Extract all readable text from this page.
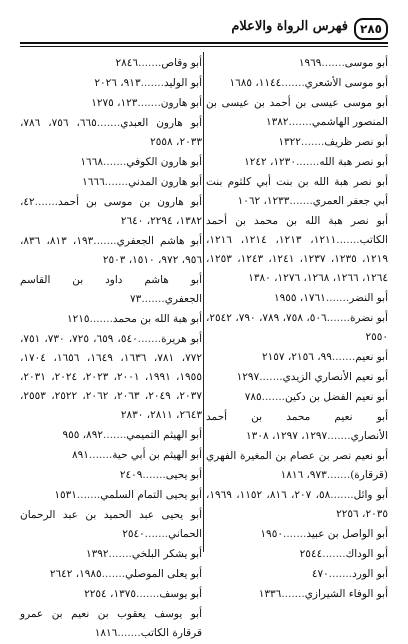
٢٨٥
فهرس الرواة والاعلام
أبو موسى.......١٩٦٩
أبو موسى الأشعري.......١١٤٤، ١٦٨٥
أبو موسى عيسى بن أحمد بن عيسى بن المنصور الهاشمي.......١٣٨٢
أبو نصر ظريف.......١٣٢٢
أبو نصر هبة الله.......١٢٣٠، ١٢٤٢
أبو نصر هبة الله بن بنت أبي كلثوم بنت أبي جعفر العمري.......١٢٣٣، ١٠٦٢
أبو نصر هبة الله بن محمد بن أحمد الكاتب.......١٢١١، ١٢١٣، ١٢١٤، ١٢١٦، ١٢١٩، ١٢٣٥، ١٢٣٧، ١٢٤١، ١٢٤٣، ١٢٥٣، ١٢٦٤، ١٢٦٦، ١٢٦٨، ١٢٧٦، ١٣٨٠
أبو النضر.......١٧٦١، ١٩٥٥
أبو نضرة.......٥٠٦، ٧٥٨، ٧٨٩، ٧٩٠، ٢٥٤٢، ٢٥٥٠
أبو نعيم.......٩٩، ٢١٥٦، ٢١٥٧
أبو نعيم الأنصاري الزيدي.......١٢٩٧
أبو نعيم الفضل بن دكين.......٧٨٥
أبو نعيم محمد بن أحمد الأنصاري.......١٢٩٧، ١٢٩٧، ١٣٠٨
أبو نعيم نصر بن عصام بن المغيرة الفهري (قرقارة).......٩٧٣، ١٨١٦
أبو وائل.......٥٨، ٢٠٧، ٨١٦، ١١٥٢، ١٩٦٩، ٢٠٣٥، ٢٢٥٦
أبو الواصل بن عبيد.......١٩٥٠
أبو الوداك.......٢٥٤٤
أبو الورد.......٤٧٠
أبو الوفاء الشيرازي.......١٣٣٦
أبو وقاص.......٢٨٤٦
أبو الوليد.......٩١٣، ٢٠٢٦
أبو هارون.......١٢٣، ١٢٧٥
أبو هارون العبدي.......٦٦٥، ٧٥٦، ٧٨٦، ٢٠٣٣، ٢٥٥٨
أبو هارون الكوفي.......١٦٦٨
أبو هارون المدني.......١٦٦٦
أبو هارون بن موسى بن أحمد.......٤٢، ١٣٨٢، ٢٢٩٤، ٢٦٤٠
أبو هاشم الجعفري.......١٩٣، ٨١٣، ٨٣٦، ٩٥٦، ٩٧٢، ١٥١٠، ٢٥٠٣
أبو هاشم داود بن القاسم الجعفري.......٧٣
أبو هبة الله بن محمد.......١٢١٥
أبو هريرة.......٥٤٠، ٦٥٩، ٧٢٥، ٧٣٠، ٧٥١، ٧٧٢، ٧٨١، ١٦٣٦، ١٦٤٩، ١٦٥٦، ١٧٠٤، ١٩٥٥، ١٩٩١، ٢٠٠١، ٢٠٢٣، ٢٠٢٤، ٢٠٣١، ٢٠٣٧، ٢٠٤٩، ٢٠٦٣، ٢٠٦٢، ٢٥٢٢، ٢٥٥٣، ٢٦٤٣، ٢٨١١، ٢٨٣٠
أبو الهيثم التميمي.......٨٩٢، ٩٥٥
أبو الهيثم بن أبي حية.......٨٩١
أبو يحيى.......٢٤٠٩
أبو يحيى التمام السلمي.......١٥٣١
أبو يحيى عبد الحميد بن عبد الرحمان الحماني.......٢٥٤٠
أبو يشكر البلخي.......١٣٩٢
أبو يعلى الموصلي.......١٩٨٥، ٢٦٤٢
أبو يوسف.......١٣٧٥، ٢٢٥٤
أبو يوسف يعقوب بن نعيم بن عمرو قرقارة الكاتب.......١٨١٦
